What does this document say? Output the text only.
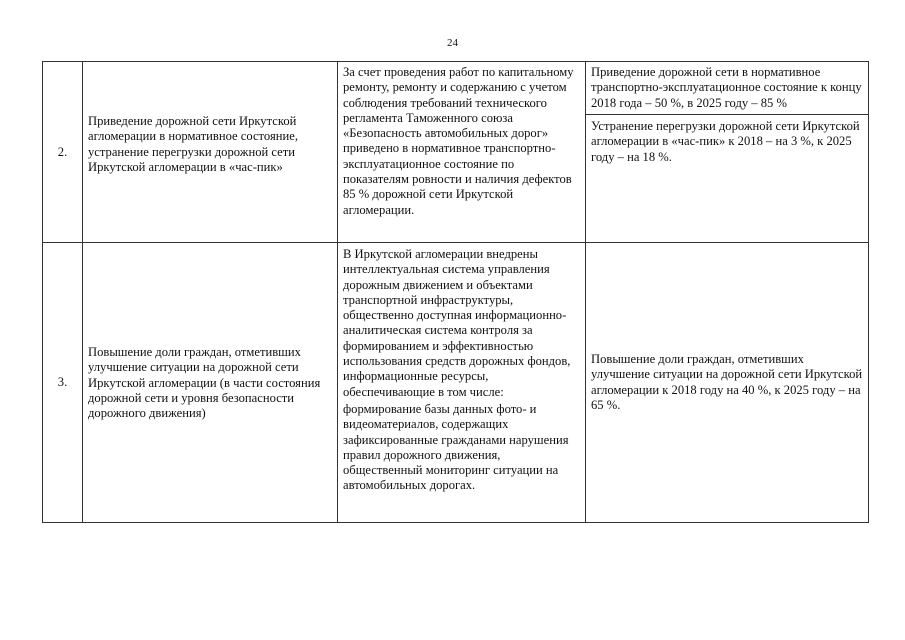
24
2.
Приведение дорожной сети Иркутской агломерации в нормативное состояние, устранение перегрузки дорожной сети Иркутской агломерации в «час-пик»

За счет проведения работ по капитальному ремонту, ремонту и содержанию с учетом соблюдения требований технического регламента Таможенного союза «Безопасность автомобильных дорог» приведено в нормативное транспортно-эксплуатационное состояние по показателям ровности и наличия дефектов 85 % дорожной сети Иркутской агломерации.

Приведение дорожной сети в нормативное транспортно-эксплуатационное состояние к концу 2018 года – 50 %, в 2025 году – 85 %
Устранение перегрузки дорожной сети Иркутской агломерации в «час-пик» к 2018 – на 3 %, к 2025 году – на 18 %.
3.
Повышение доли граждан, отметивших улучшение ситуации на дорожной сети Иркутской агломерации (в части состояния дорожной сети и уровня безопасности дорожного движения)

В Иркутской агломерации внедрены интеллектуальная система управления дорожным движением и объектами транспортной инфраструктуры, общественно доступная информационно-аналитическая система контроля за формированием и эффективностью использования средств дорожных фондов, информационные ресурсы, обеспечивающие в том числе:

формирование базы данных фото- и видеоматериалов, содержащих зафиксированные гражданами нарушения правил дорожного движения, общественный мониторинг ситуации на автомобильных дорогах.

Повышение доли граждан, отметивших улучшение ситуации на дорожной сети Иркутской агломерации к 2018 году на 40 %, к 2025 году – на 65 %.
